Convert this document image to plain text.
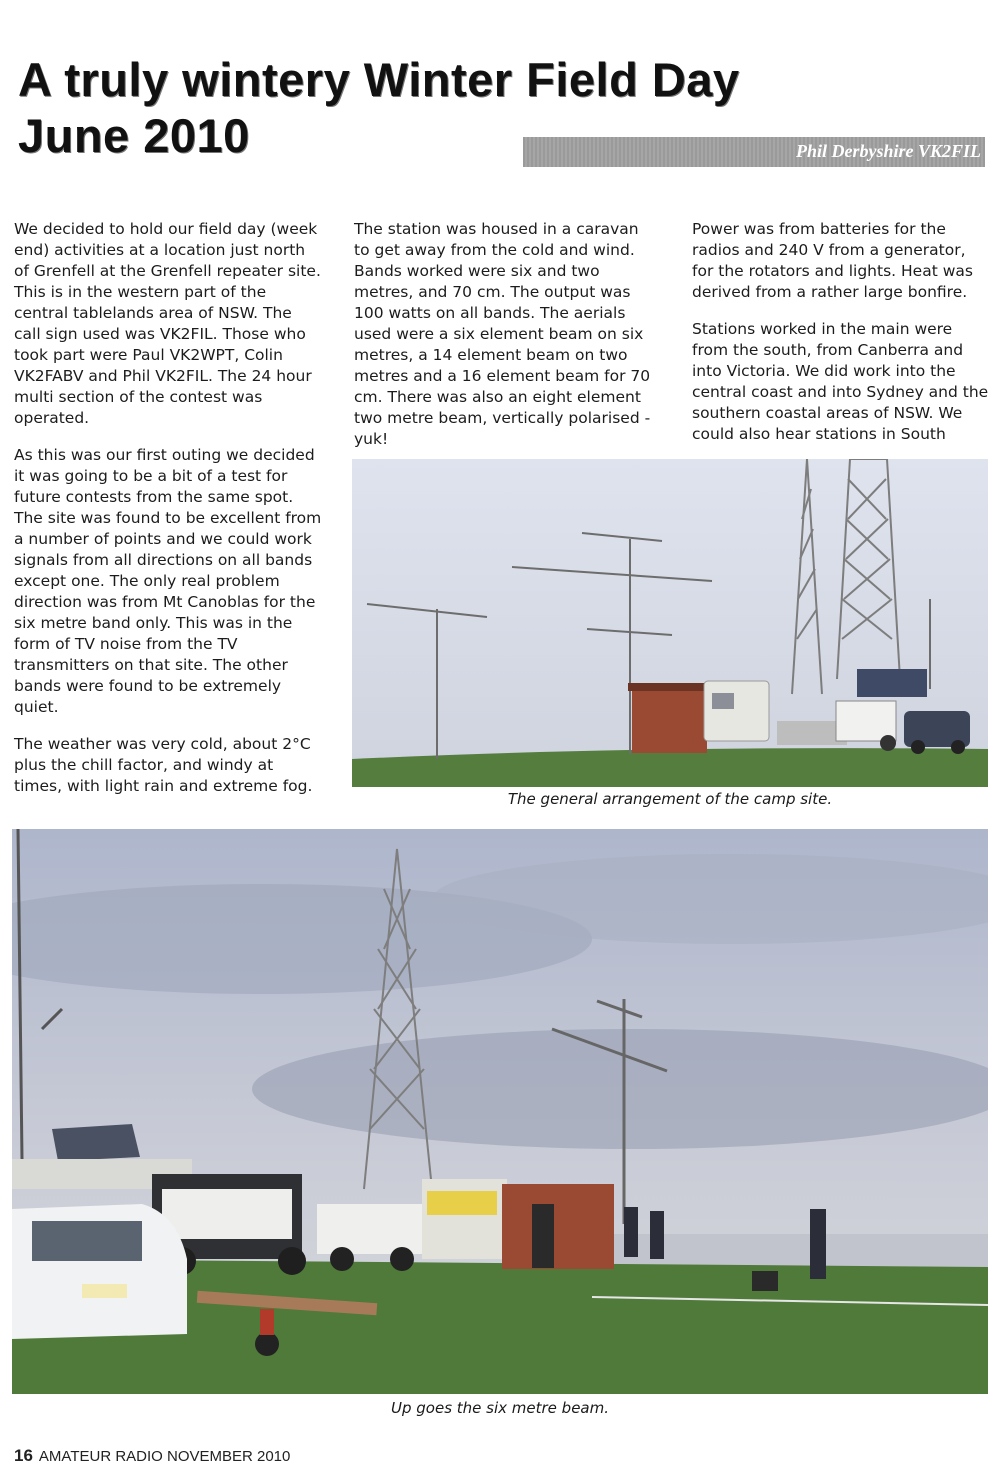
A truly wintery Winter Field Day
June 2010	Phil Derbyshire VK2FIL

We decided to hold our field day (week end) activities at a location just north of Grenfell at the Grenfell repeater site. This is in the western part of the central tablelands area of NSW. The call sign used was VK2FIL. Those who took part were Paul VK2WPT, Colin VK2FABV and Phil VK2FIL. The 24 hour multi section of the contest was operated.

As this was our first outing we decided it was going to be a bit of a test for future contests from the same spot. The site was found to be excellent from a number of points and we could work signals from all directions on all bands except one. The only real problem direction was from Mt Canoblas for the six metre band only. This was in the form of TV noise from the TV transmitters on that site. The other bands were found to be extremely quiet.

The weather was very cold, about 2°C plus the chill factor, and windy at times, with light rain and extreme fog.

The station was housed in a caravan to get away from the cold and wind. Bands worked were six and two metres, and 70 cm. The output was 100 watts on all bands. The aerials used were a six element beam on six metres, a 14 element beam on two metres and a 16 element beam for 70 cm. There was also an eight element two metre beam, vertically polarised - yuk!

Power was from batteries for the radios and 240 V from a generator, for the rotators and lights. Heat was derived from a rather large bonfire.

Stations worked in the main were from the south, from Canberra and into Victoria. We did work into the central coast and into Sydney and the southern coastal areas of NSW. We could also hear stations in South

The general arrangement of the camp site.
Up goes the six metre beam.
16 AMATEUR RADIO NOVEMBER 2010
